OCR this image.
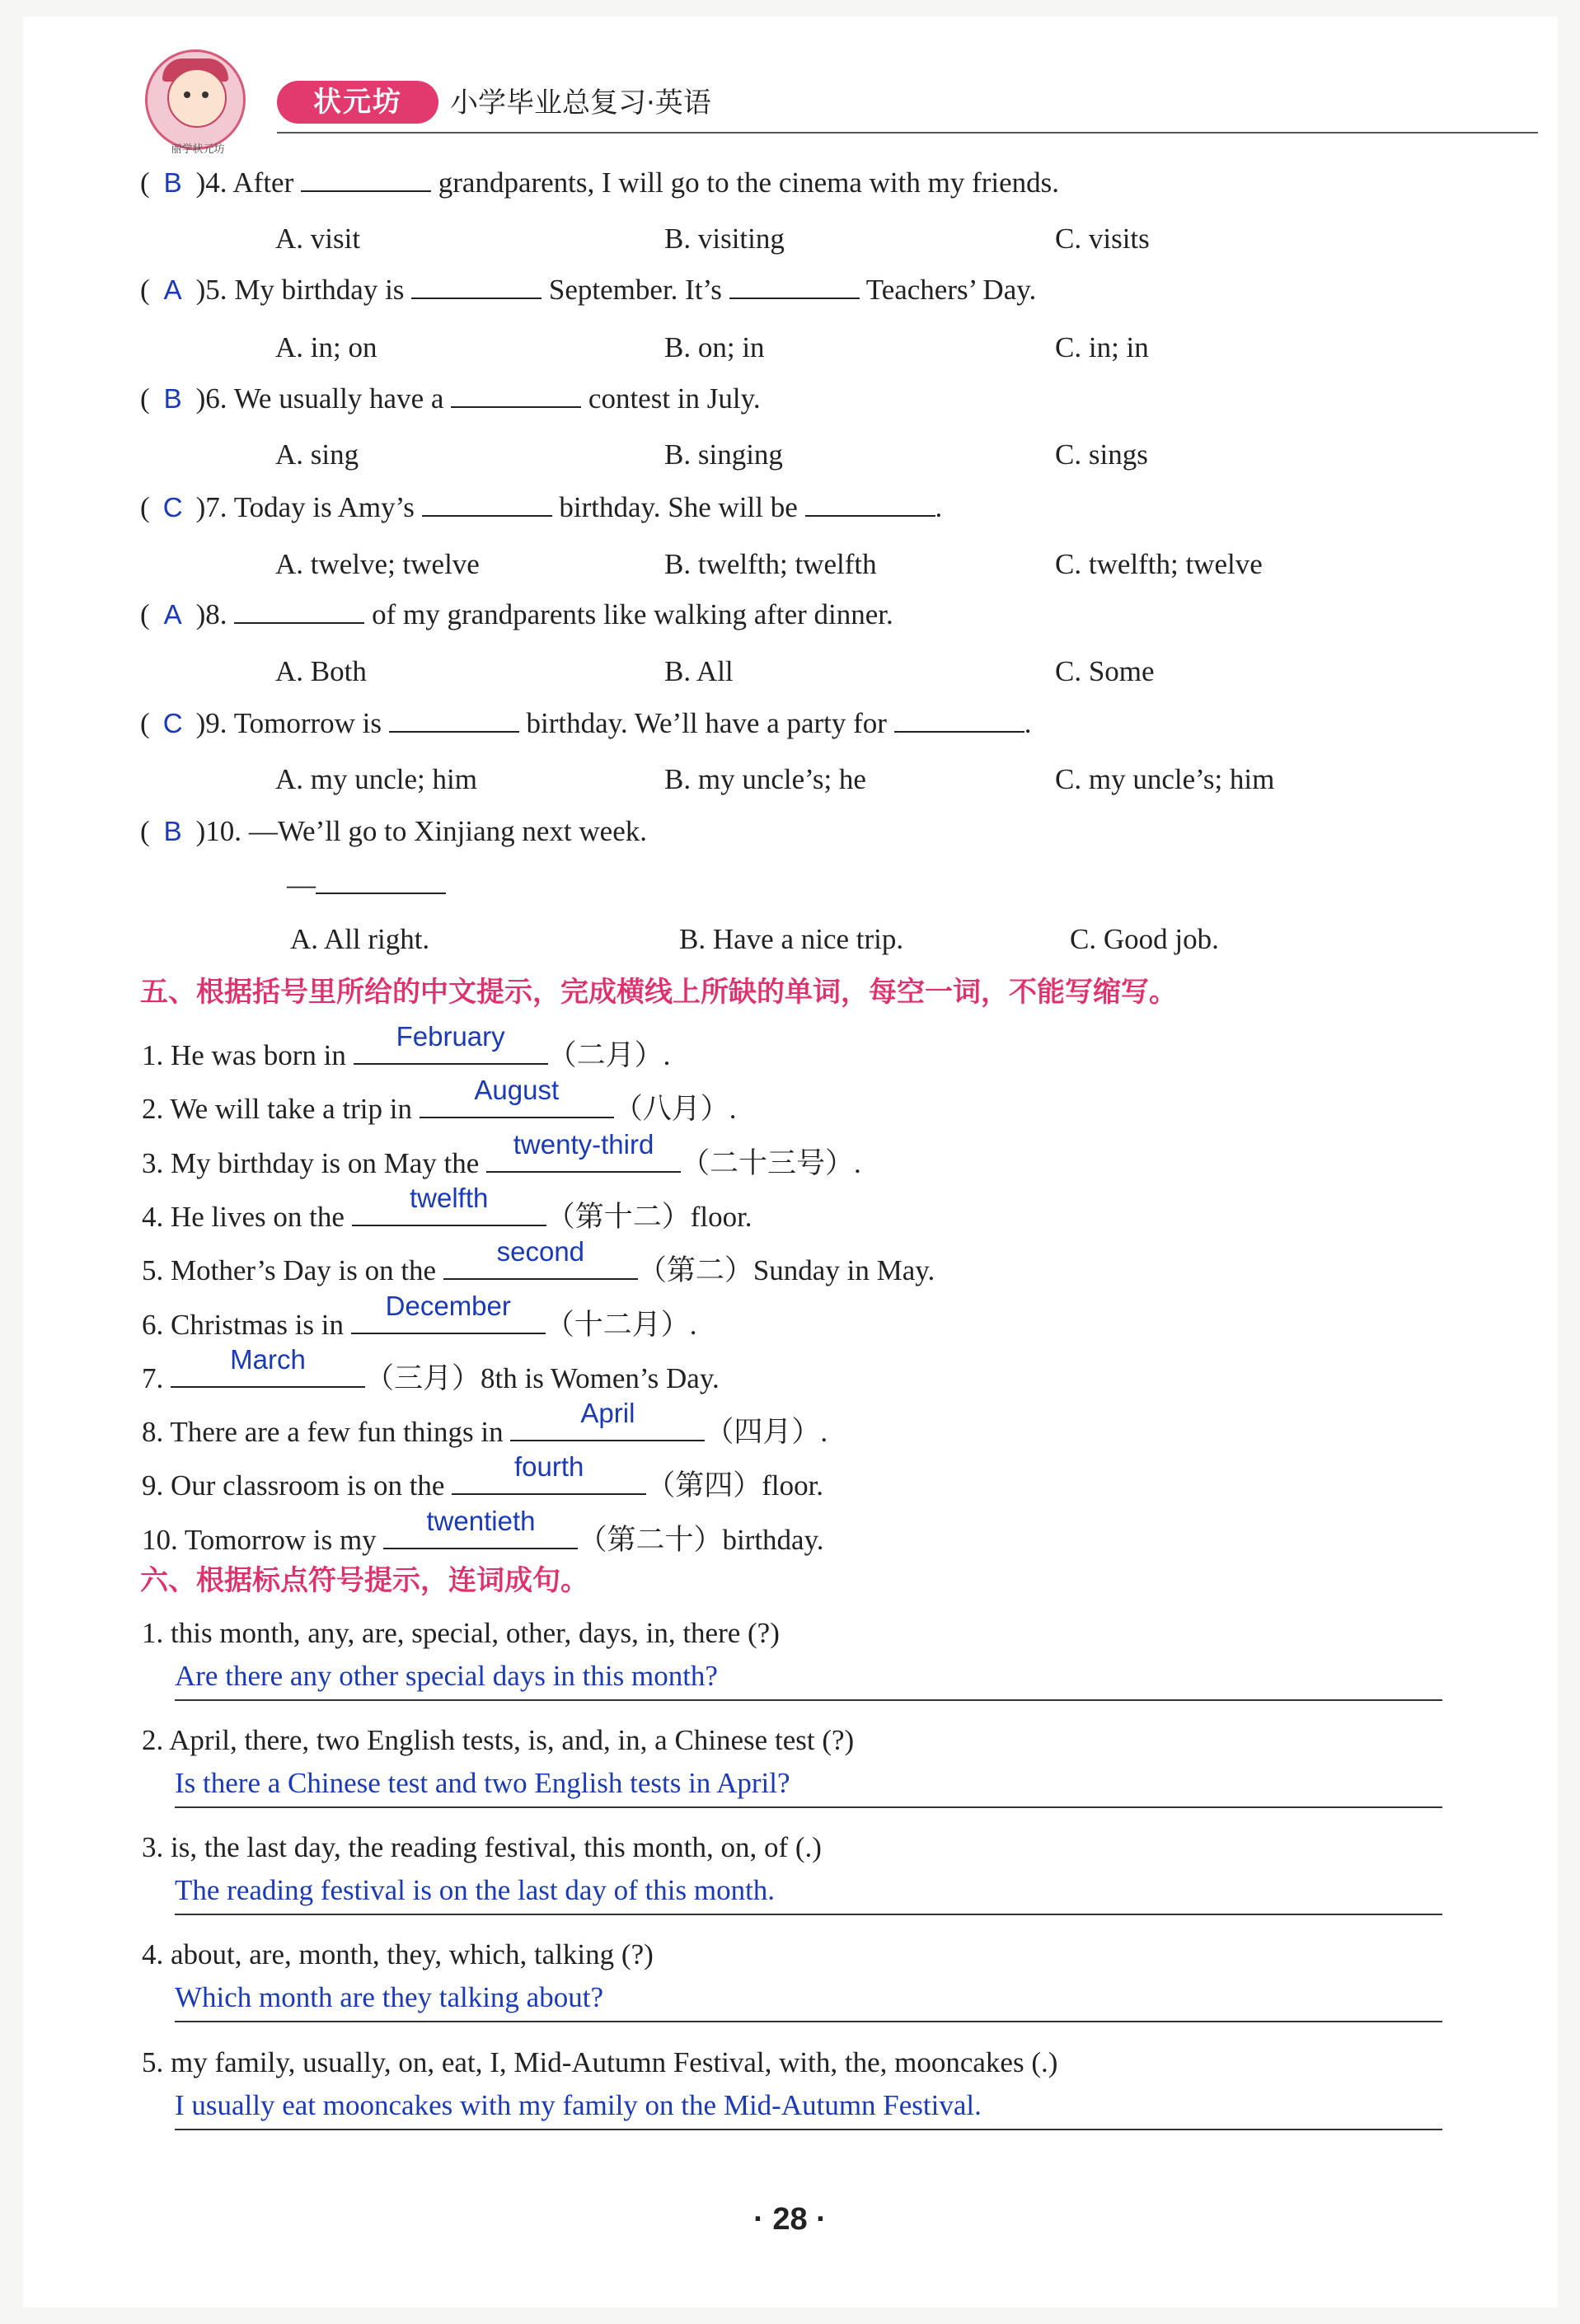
丽学状元坊
状元坊	小学毕业总复习·英语
( B )4. After	grandparents, I will go to the cinema with my friends.
A. visit	B. visiting	C. visits
( A )5. My birthday is	September. It’s	Teachers’ Day.
A. in; on	B. on; in	C. in; in
( B )6. We usually have a	contest in July.
A. sing	B. singing	C. sings
( C )7. Today is Amy’s	birthday. She will be	.
A. twelve; twelve	B. twelfth; twelfth	C. twelfth; twelve
( A )8.	of my grandparents like walking after dinner.
A. Both	B. All	C. Some
( C )9. Tomorrow is	birthday. We’ll have a party for	.
A. my uncle; him	B. my uncle’s; he	C. my uncle’s; him
( B )10. —We’ll go to Xinjiang next week.
—
A. All right.	B. Have a nice trip.	C. Good job.
五、根据括号里所给的中文提示，完成横线上所缺的单词，每空一词，不能写缩写。
1. He was born in
February
（二月）.
2. We will take a trip in
August
（八月）.
3. My birthday is on May the
twenty-third
（二十三号）.
4. He lives on the
twelfth
（第十二）floor.
5. Mother’s Day is on the
second
（第二）Sunday in May.
6. Christmas is in
December
（十二月）.
7.
March
（三月）8th is Women’s Day.
8. There are a few fun things in
April
（四月）.
9. Our classroom is on the
fourth
（第四）floor.
10. Tomorrow is my
twentieth
（第二十）birthday.
六、根据标点符号提示，连词成句。
1. this month, any, are, special, other, days, in, there (?)
Are there any other special days in this month?
2. April, there, two English tests, is, and, in, a Chinese test (?)
Is there a Chinese test and two English tests in April?
3. is, the last day, the reading festival, this month, on, of (.)
The reading festival is on the last day of this month.
4. about, are, month, they, which, talking (?)
Which month are they talking about?
5. my family, usually, on, eat, I, Mid-Autumn Festival, with, the, mooncakes (.)
I usually eat mooncakes with my family on the Mid-Autumn Festival.
· 28 ·
